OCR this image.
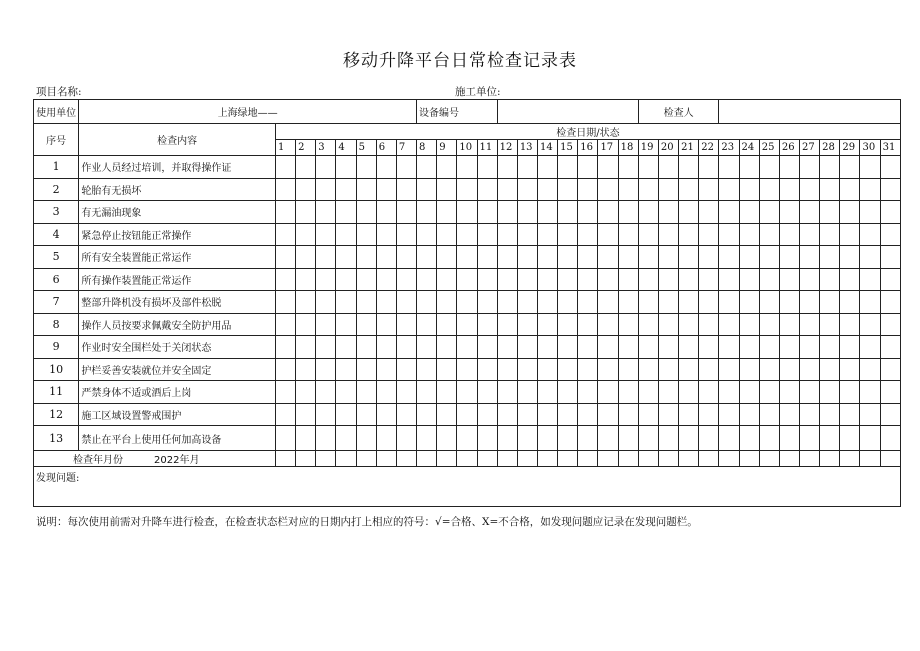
移动升降平台日常检查记录表
项目名称:	施工单位:
使用单位	上海绿地——								设备编号											检查人												
序号	检查内容	检查日期/状态																														
		1	2	3	4	5	6	7	8	9	10	11	12	13	14	15	16	17	18	19	20	21	22	23	24	25	26	27	28	29	30	31
1	作业人员经过培训，并取得操作证																															
2	轮胎有无损坏																															
3	有无漏油现象																															
4	紧急停止按钮能正常操作																															
5	所有安全装置能正常运作																															
6	所有操作装置能正常运作																															
7	整部升降机没有损坏及部件松脱																															
8	操作人员按要求佩戴安全防护用品																															
9	作业时安全围栏处于关闭状态																															
10	护栏妥善安装就位并安全固定																															
11	严禁身体不适或酒后上岗																															
12	施工区域设置警戒围护																															
13	禁止在平台上使用任何加高设备																															
检查年月份 2022年月																																
发现问题:																																
说明：每次使用前需对升降车进行检查，在检查状态栏对应的日期内打上相应的符号：√=合格、X=不合格，如发现问题应记录在发现问题栏。
